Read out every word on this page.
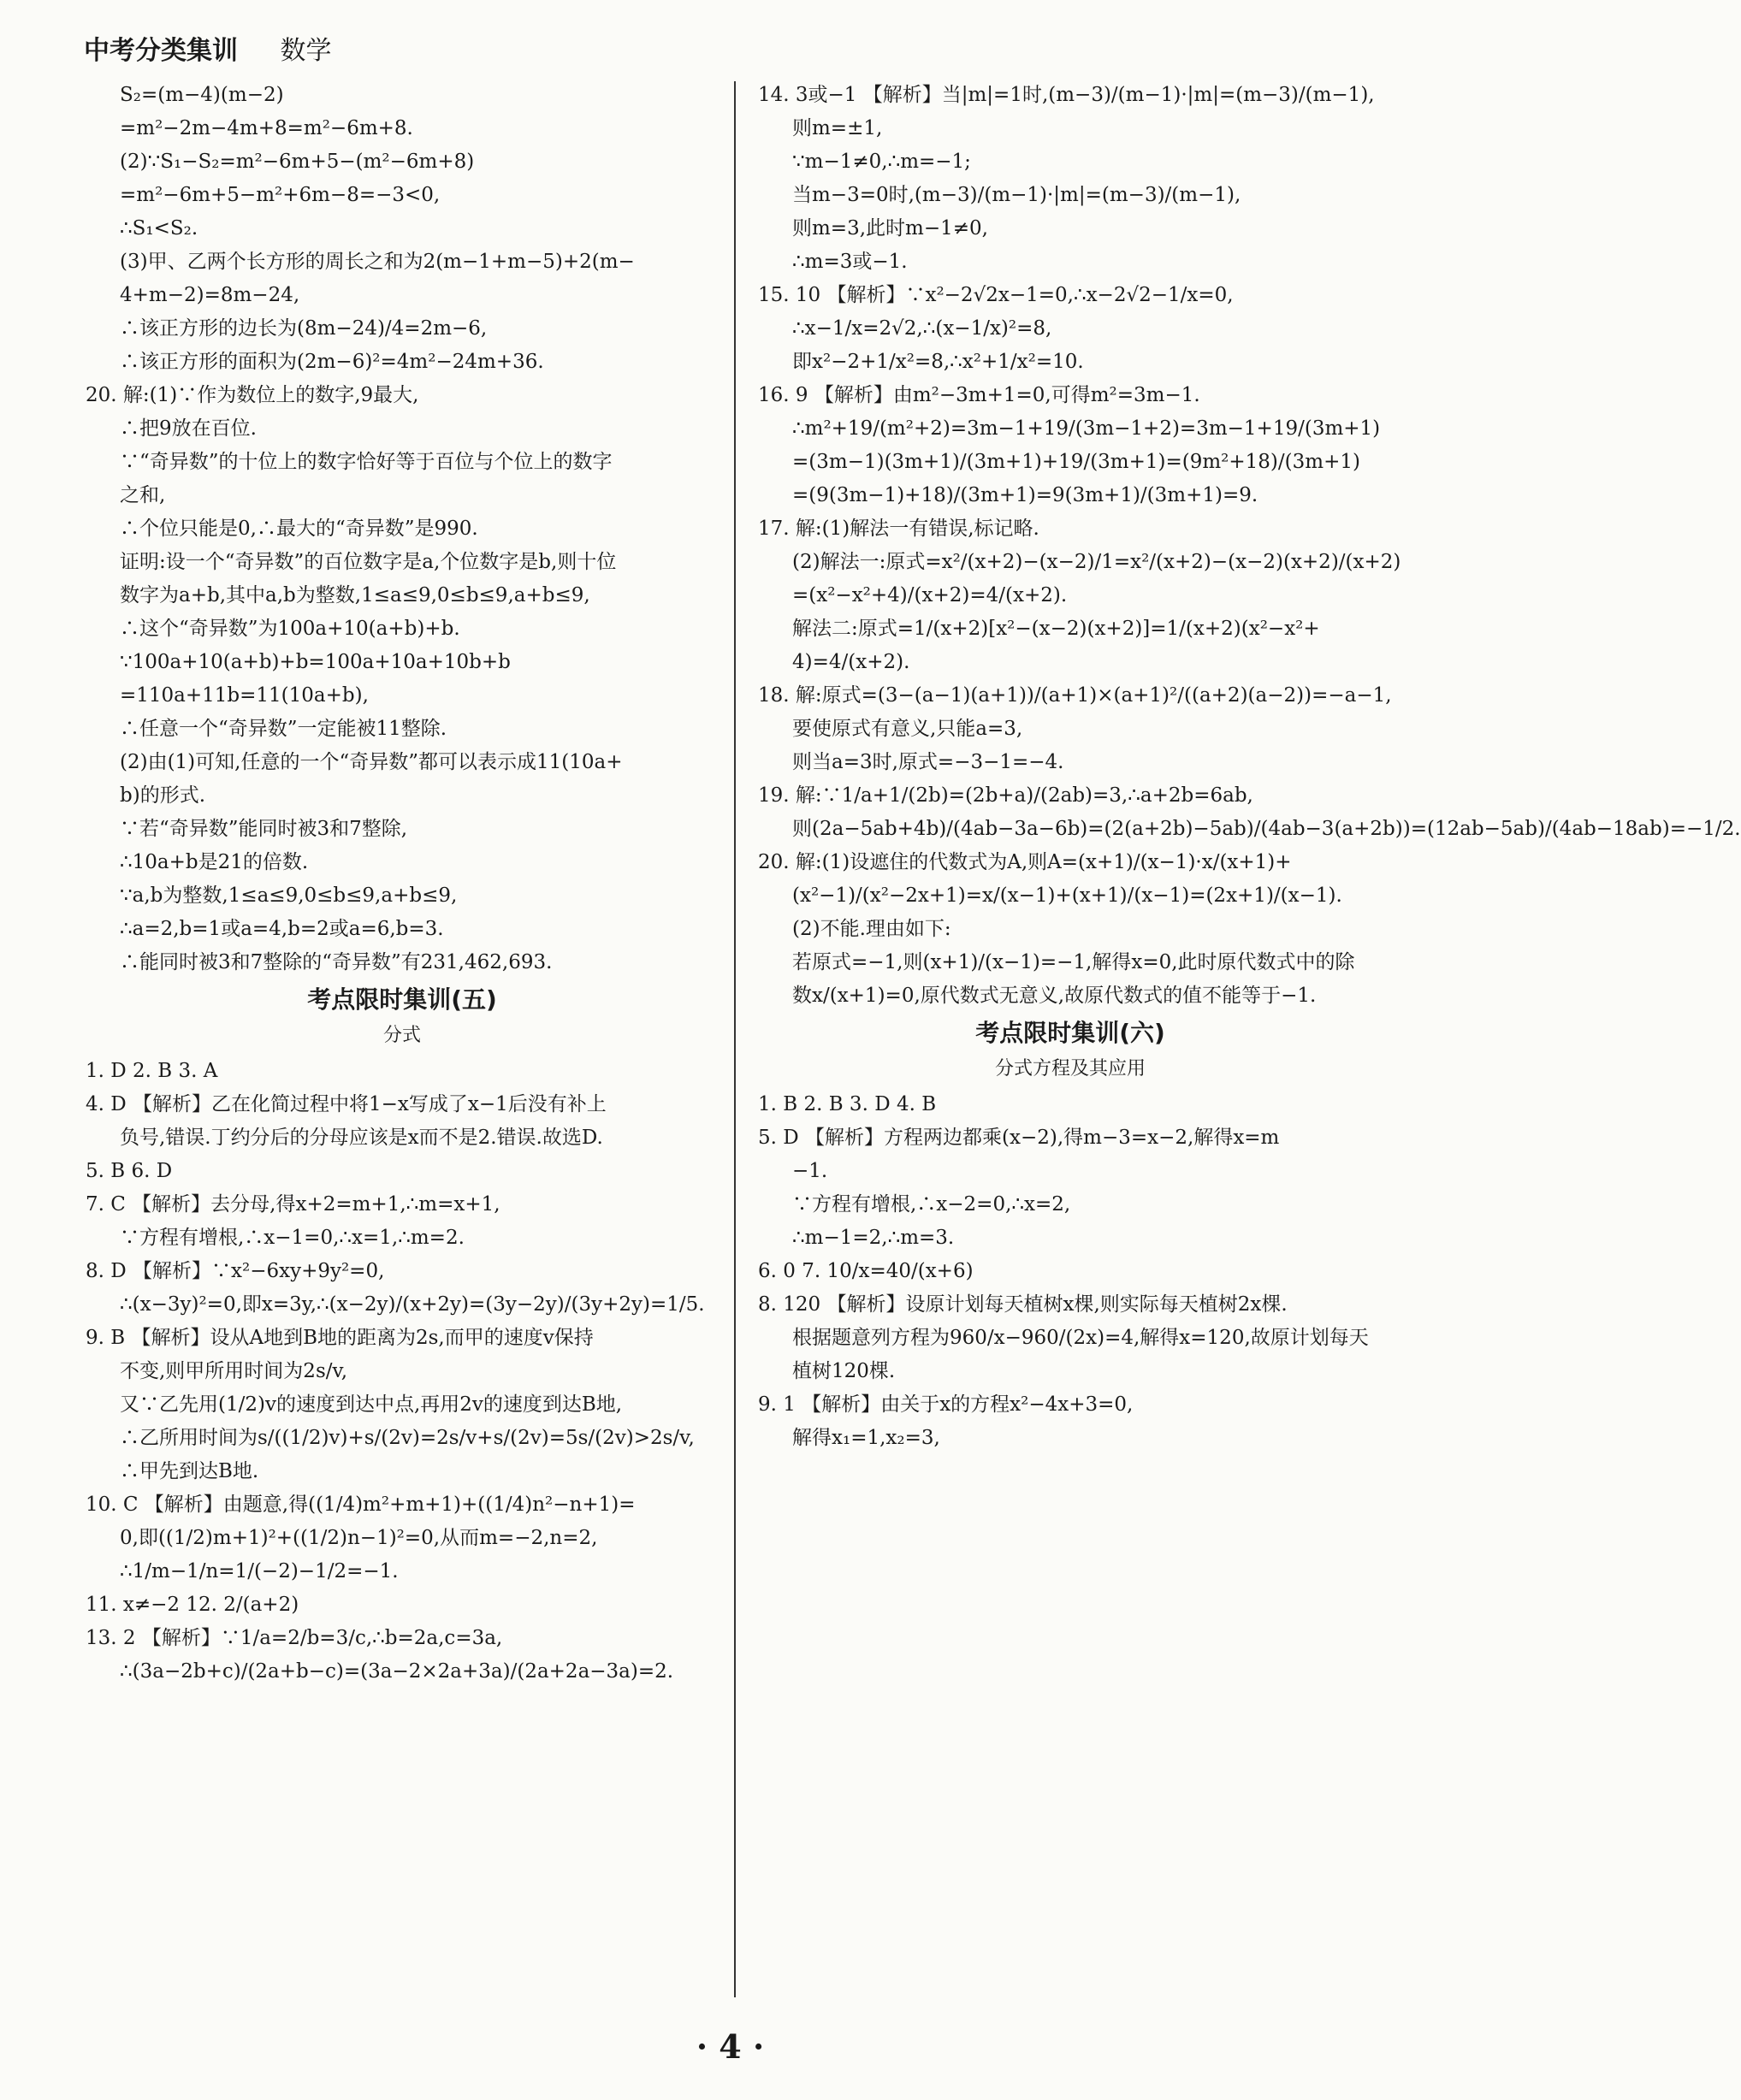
中考分类集训 数学
S₂=(m−4)(m−2)
=m²−2m−4m+8=m²−6m+8.
(2)∵S₁−S₂=m²−6m+5−(m²−6m+8)
=m²−6m+5−m²+6m−8=−3<0,
∴S₁<S₂.
(3)甲、乙两个长方形的周长之和为2(m−1+m−5)+2(m−
4+m−2)=8m−24,
∴该正方形的边长为(8m−24)/4=2m−6,
∴该正方形的面积为(2m−6)²=4m²−24m+36.
20. 解:(1)∵作为数位上的数字,9最大,
∴把9放在百位.
∵“奇异数”的十位上的数字恰好等于百位与个位上的数字
之和,
∴个位只能是0,∴最大的“奇异数”是990.
证明:设一个“奇异数”的百位数字是a,个位数字是b,则十位
数字为a+b,其中a,b为整数,1≤a≤9,0≤b≤9,a+b≤9,
∴这个“奇异数”为100a+10(a+b)+b.
∵100a+10(a+b)+b=100a+10a+10b+b
=110a+11b=11(10a+b),
∴任意一个“奇异数”一定能被11整除.
(2)由(1)可知,任意的一个“奇异数”都可以表示成11(10a+
b)的形式.
∵若“奇异数”能同时被3和7整除,
∴10a+b是21的倍数.
∵a,b为整数,1≤a≤9,0≤b≤9,a+b≤9,
∴a=2,b=1或a=4,b=2或a=6,b=3.
∴能同时被3和7整除的“奇异数”有231,462,693.
考点限时集训(五)
分式
1. D 2. B 3. A
4. D 【解析】乙在化简过程中将1−x写成了x−1后没有补上
负号,错误.丁约分后的分母应该是x而不是2.错误.故选D.
5. B 6. D
7. C 【解析】去分母,得x+2=m+1,∴m=x+1,
∵方程有增根,∴x−1=0,∴x=1,∴m=2.
8. D 【解析】∵x²−6xy+9y²=0,
∴(x−3y)²=0,即x=3y,∴(x−2y)/(x+2y)=(3y−2y)/(3y+2y)=1/5.
9. B 【解析】设从A地到B地的距离为2s,而甲的速度v保持
不变,则甲所用时间为2s/v,
又∵乙先用(1/2)v的速度到达中点,再用2v的速度到达B地,
∴乙所用时间为s/((1/2)v)+s/(2v)=2s/v+s/(2v)=5s/(2v)>2s/v,
∴甲先到达B地.
10. C 【解析】由题意,得((1/4)m²+m+1)+((1/4)n²−n+1)=
0,即((1/2)m+1)²+((1/2)n−1)²=0,从而m=−2,n=2,
∴1/m−1/n=1/(−2)−1/2=−1.
11. x≠−2 12. 2/(a+2)
13. 2 【解析】∵1/a=2/b=3/c,∴b=2a,c=3a,
∴(3a−2b+c)/(2a+b−c)=(3a−2×2a+3a)/(2a+2a−3a)=2.
14. 3或−1 【解析】当|m|=1时,(m−3)/(m−1)·|m|=(m−3)/(m−1),
则m=±1,
∵m−1≠0,∴m=−1;
当m−3=0时,(m−3)/(m−1)·|m|=(m−3)/(m−1),
则m=3,此时m−1≠0,
∴m=3或−1.
15. 10 【解析】∵x²−2√2x−1=0,∴x−2√2−1/x=0,
∴x−1/x=2√2,∴(x−1/x)²=8,
即x²−2+1/x²=8,∴x²+1/x²=10.
16. 9 【解析】由m²−3m+1=0,可得m²=3m−1.
∴m²+19/(m²+2)=3m−1+19/(3m−1+2)=3m−1+19/(3m+1)
=(3m−1)(3m+1)/(3m+1)+19/(3m+1)=(9m²+18)/(3m+1)
=(9(3m−1)+18)/(3m+1)=9(3m+1)/(3m+1)=9.
17. 解:(1)解法一有错误,标记略.
(2)解法一:原式=x²/(x+2)−(x−2)/1=x²/(x+2)−(x−2)(x+2)/(x+2)
=(x²−x²+4)/(x+2)=4/(x+2).
解法二:原式=1/(x+2)[x²−(x−2)(x+2)]=1/(x+2)(x²−x²+
4)=4/(x+2).
18. 解:原式=(3−(a−1)(a+1))/(a+1)×(a+1)²/((a+2)(a−2))=−a−1,
要使原式有意义,只能a=3,
则当a=3时,原式=−3−1=−4.
19. 解:∵1/a+1/(2b)=(2b+a)/(2ab)=3,∴a+2b=6ab,
则(2a−5ab+4b)/(4ab−3a−6b)=(2(a+2b)−5ab)/(4ab−3(a+2b))=(12ab−5ab)/(4ab−18ab)=−1/2.
20. 解:(1)设遮住的代数式为A,则A=(x+1)/(x−1)·x/(x+1)+
(x²−1)/(x²−2x+1)=x/(x−1)+(x+1)/(x−1)=(2x+1)/(x−1).
(2)不能.理由如下:
若原式=−1,则(x+1)/(x−1)=−1,解得x=0,此时原代数式中的除
数x/(x+1)=0,原代数式无意义,故原代数式的值不能等于−1.
考点限时集训(六)
分式方程及其应用
1. B 2. B 3. D 4. B
5. D 【解析】方程两边都乘(x−2),得m−3=x−2,解得x=m
−1.
∵方程有增根,∴x−2=0,∴x=2,
∴m−1=2,∴m=3.
6. 0 7. 10/x=40/(x+6)
8. 120 【解析】设原计划每天植树x棵,则实际每天植树2x棵.
根据题意列方程为960/x−960/(2x)=4,解得x=120,故原计划每天
植树120棵.
9. 1 【解析】由关于x的方程x²−4x+3=0,
解得x₁=1,x₂=3,
· 4 ·
